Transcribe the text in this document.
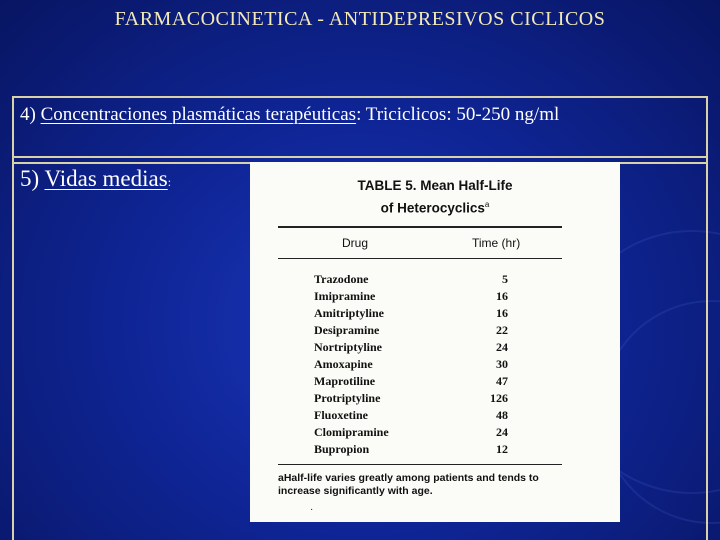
FARMACOCINETICA - ANTIDEPRESIVOS CICLICOS
4) Concentraciones plasmáticas terapéuticas: Triciclicos: 50-250 ng/ml
5) Vidas medias:	TABLE 5. Mean Half-Life
of Heterocyclics$^a$
Drug	Time (hr)
Trazodone	5
Imipramine	16
Amitriptyline	16
Desipramine	22
Nortriptyline	24
Amoxapine	30
Maprotiline	47
Protriptyline	126
Fluoxetine	48
Clomipramine	24
Bupropion	12
aHalf-life varies greatly among patients and tends to increase significantly with age.
·
